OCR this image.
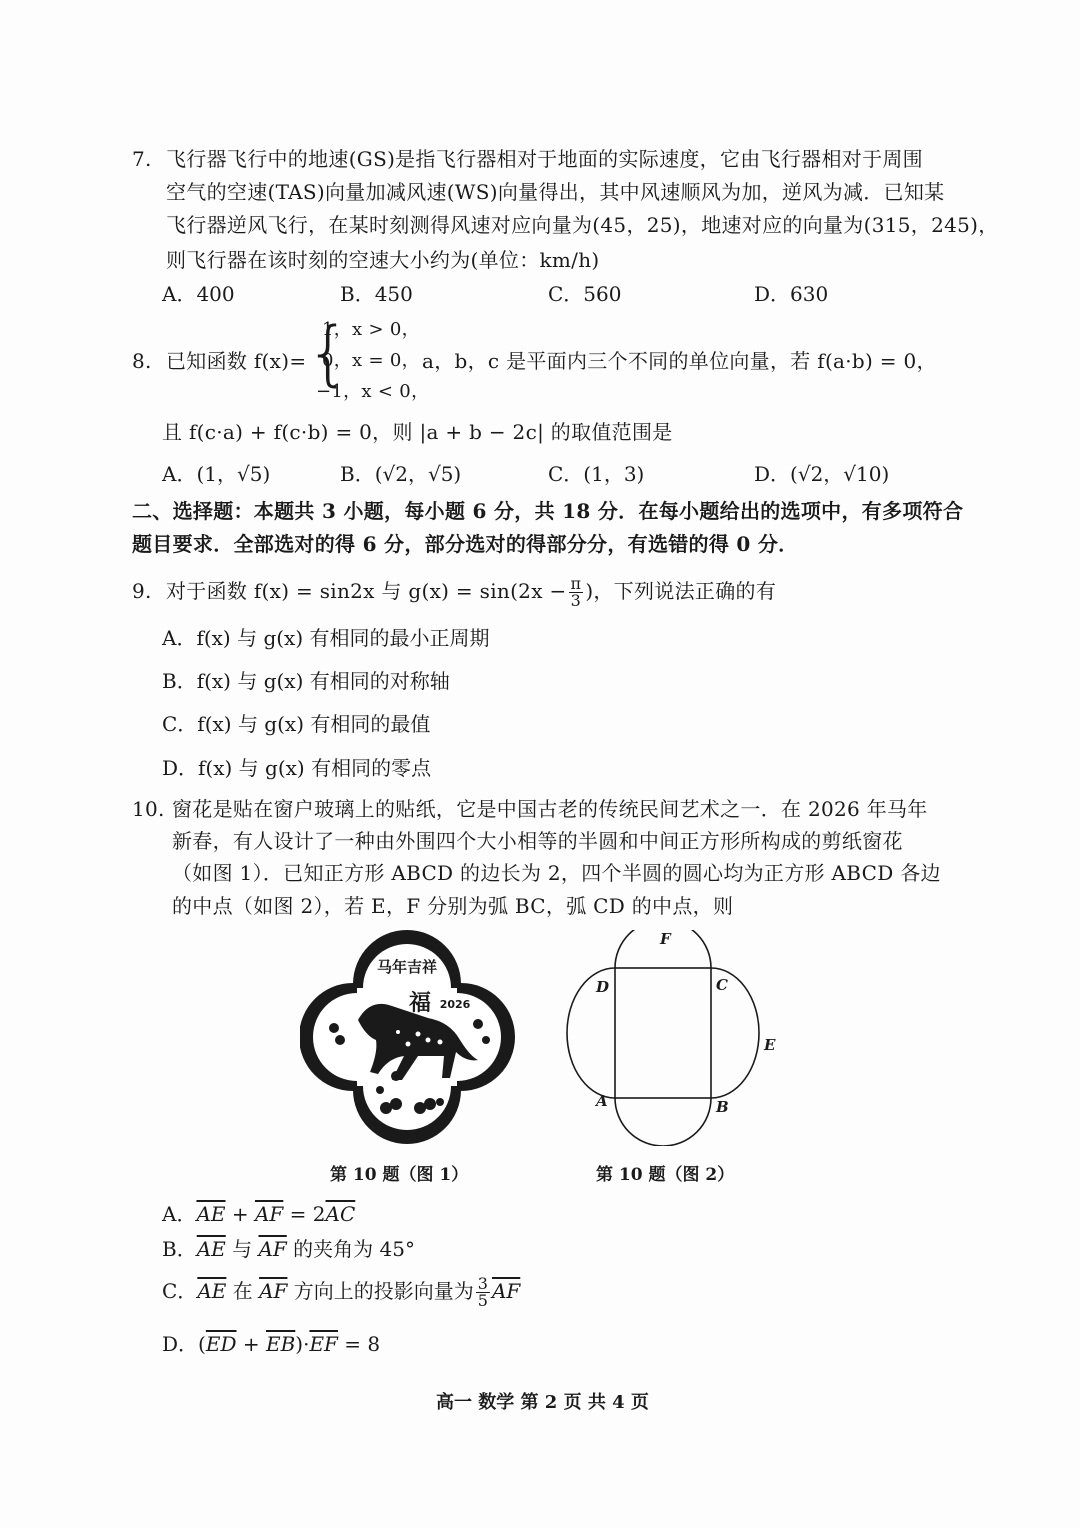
7. 飞行器飞行中的地速(GS)是指飞行器相对于地面的实际速度，它由飞行器相对于周围
空气的空速(TAS)向量加减风速(WS)向量得出，其中风速顺风为加，逆风为减．已知某
飞行器逆风飞行，在某时刻测得风速对应向量为(45，25)，地速对应的向量为(315，245)，
则飞行器在该时刻的空速大小约为(单位：km/h)
A．400	B．450	C．560	D．630
8. 已知函数 f(x)= {
1，x > 0，
0，x = 0，
−1，x < 0，
a，b，c 是平面内三个不同的单位向量，若 f(a·b) = 0，
且 f(c·a) + f(c·b) = 0，则 |a + b − 2c| 的取值范围是
A．(1，√5)	B．(√2，√5)	C．(1，3)	D．(√2，√10)
二、选择题：本题共 3 小题，每小题 6 分，共 18 分．在每小题给出的选项中，有多项符合
题目要求．全部选对的得 6 分，部分选对的得部分分，有选错的得 0 分．
9. 对于函数 f(x) = sin2x 与 $g(x) = \sin(2x - \frac{\pi}{3}$ )，下列说法正确的有
A．f(x) 与 g(x) 有相同的最小正周期
B．f(x) 与 g(x) 有相同的对称轴
C．f(x) 与 g(x) 有相同的最值
D．f(x) 与 g(x) 有相同的零点
10. 窗花是贴在窗户玻璃上的贴纸，它是中国古老的传统民间艺术之一．在 2026 年马年
新春，有人设计了一种由外围四个大小相等的半圆和中间正方形所构成的剪纸窗花
（如图 1）．已知正方形 ABCD 的边长为 2，四个半圆的圆心均为正方形 ABCD 各边
的中点（如图 2），若 E，F 分别为弧 BC，弧 CD 的中点，则
马年吉祥
福 2026
A	B
C
D
E
F
第 10 题（图 1）	第 10 题（图 2）
A．$\overline{AE} + \overline{AF} = 2\overline{AC}$
B．$\overline{AE}$ 与 $\overline{AF}$ 的夹角为 45°
C．$\overline{AE}$ 在 $\overline{AF}$ 方向上的投影向量为 $\frac{3}{5} \overline{AF}$
D．$(\overline{ED} + \overline{EB})\cdot\overline{EF} = 8$
高一 数学 第 2 页 共 4 页
